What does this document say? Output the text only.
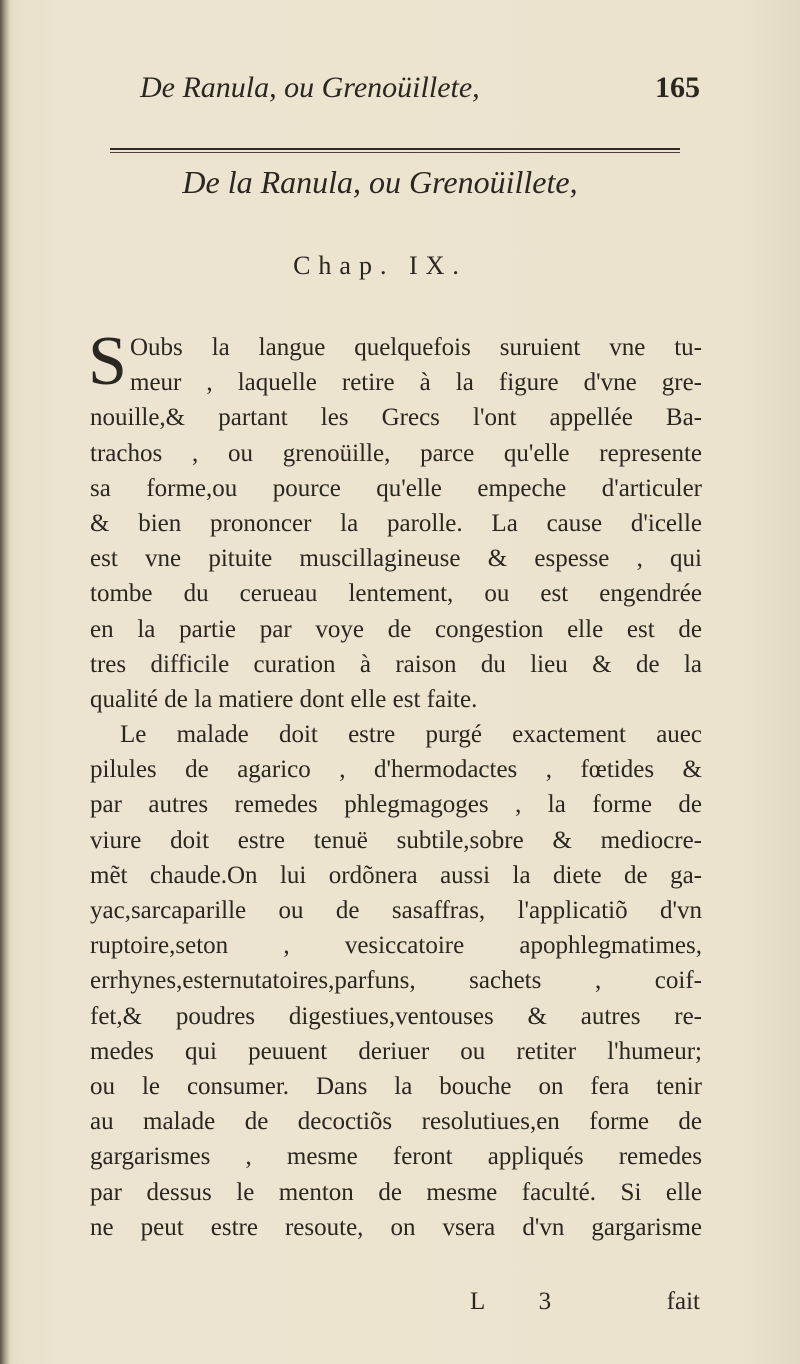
De Ranula, ou Grenoüillete,	165
De la Ranula, ou Grenoüillete,
Chap. IX.
S Oubs la langue quelquefois suruient vne tu-
meur , laquelle retire à la figure d'vne gre-
nouille,& partant les Grecs l'ont appellée Ba-
trachos , ou grenoüille, parce qu'elle represente
sa forme,ou pource qu'elle empeche d'articuler
& bien prononcer la parolle. La cause d'icelle
est vne pituite muscillagineuse & espesse , qui
tombe du cerueau lentement, ou est engendrée
en la partie par voye de congestion elle est de
tres difficile curation à raison du lieu & de la
qualité de la matiere dont elle est faite.
Le malade doit estre purgé exactement auec
pilules de agarico , d'hermodactes , fœtides &
par autres remedes phlegmagoges , la forme de
viure doit estre tenuë subtile,sobre & mediocre-
mẽt chaude.On lui ordõnera aussi la diete de ga-
yac,sarcaparille ou de sasaffras, l'applicatiõ d'vn
ruptoire,seton , vesiccatoire apophlegmatimes,
errhynes,esternutatoires,parfuns, sachets , coif-
fet,& poudres digestiues,ventouses & autres re-
medes qui peuuent deriuer ou retiter l'humeur;
ou le consumer. Dans la bouche on fera tenir
au malade de decoctiõs resolutiues,en forme de
gargarismes , mesme feront appliqués remedes
par dessus le menton de mesme faculté. Si elle
ne peut estre resoute, on vsera d'vn gargarisme
L 3	fait
